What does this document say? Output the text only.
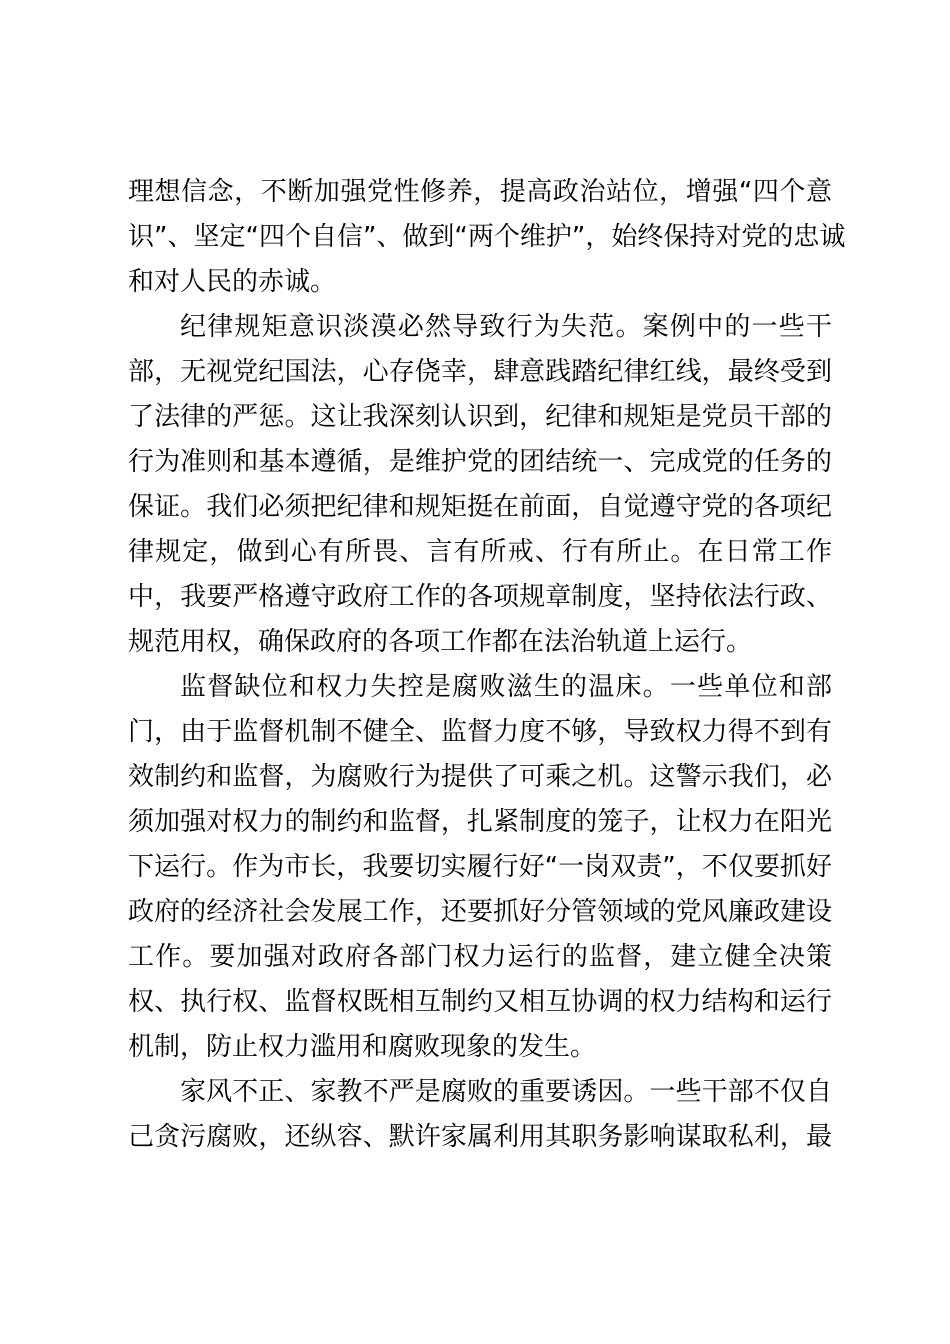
理想信念，不断加强党性修养，提高政治站位，增强“四个意
识”、坚定“四个自信”、做到“两个维护”，始终保持对党的忠诚
和对人民的赤诚。
纪律规矩意识淡漠必然导致行为失范。案例中的一些干
部，无视党纪国法，心存侥幸，肆意践踏纪律红线，最终受到
了法律的严惩。这让我深刻认识到，纪律和规矩是党员干部的
行为准则和基本遵循，是维护党的团结统一、完成党的任务的
保证。我们必须把纪律和规矩挺在前面，自觉遵守党的各项纪
律规定，做到心有所畏、言有所戒、行有所止。在日常工作
中，我要严格遵守政府工作的各项规章制度，坚持依法行政、
规范用权，确保政府的各项工作都在法治轨道上运行。
监督缺位和权力失控是腐败滋生的温床。一些单位和部
门，由于监督机制不健全、监督力度不够，导致权力得不到有
效制约和监督，为腐败行为提供了可乘之机。这警示我们，必
须加强对权力的制约和监督，扎紧制度的笼子，让权力在阳光
下运行。作为市长，我要切实履行好“一岗双责”，不仅要抓好
政府的经济社会发展工作，还要抓好分管领域的党风廉政建设
工作。要加强对政府各部门权力运行的监督，建立健全决策
权、执行权、监督权既相互制约又相互协调的权力结构和运行
机制，防止权力滥用和腐败现象的发生。
家风不正、家教不严是腐败的重要诱因。一些干部不仅自
己贪污腐败，还纵容、默许家属利用其职务影响谋取私利，最
